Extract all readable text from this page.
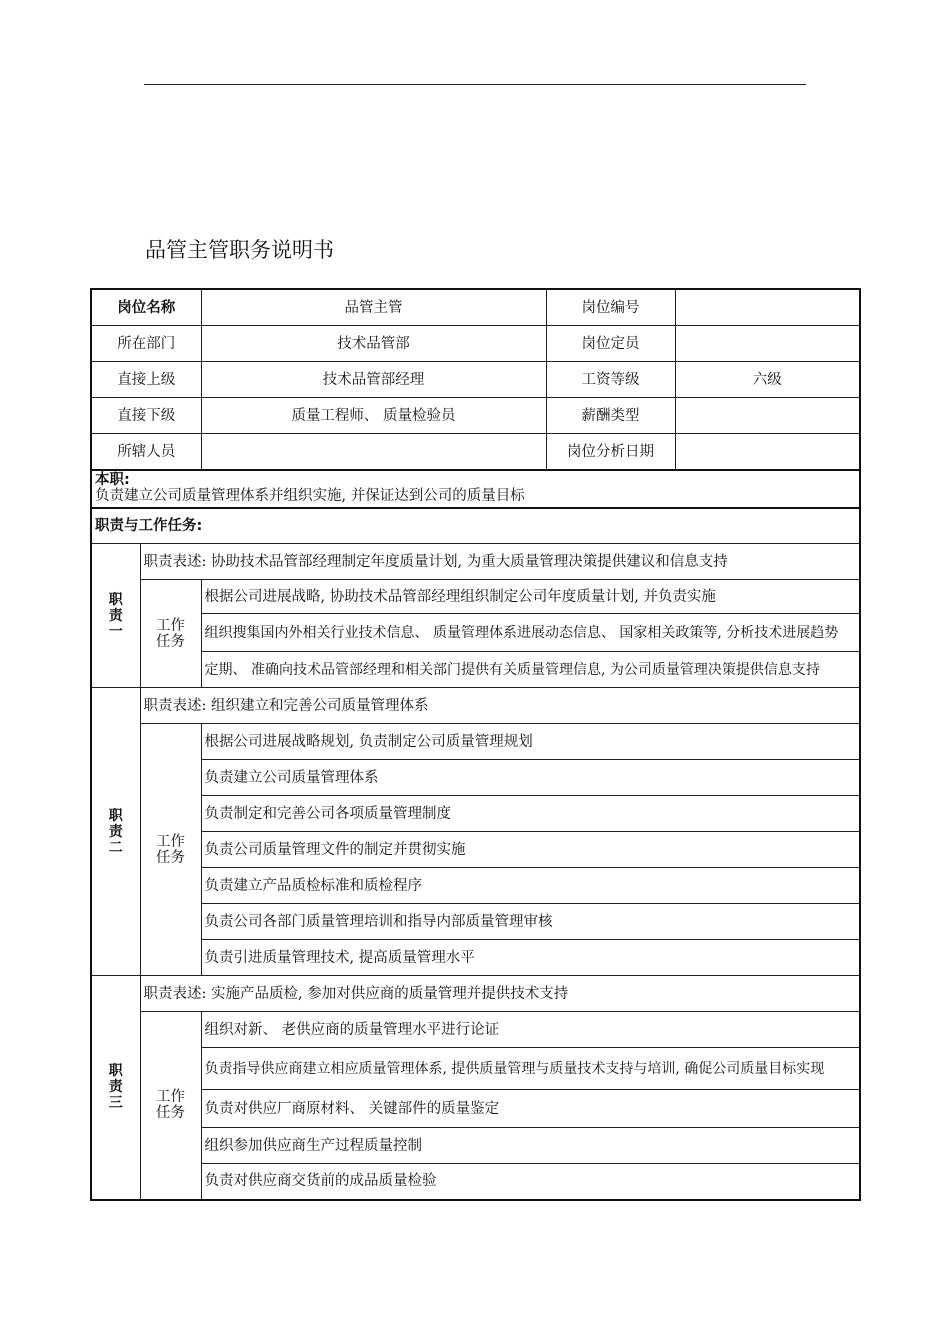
品管主管职务说明书
岗位名称		品管主管	岗位编号	
所在部门		技术品管部	岗位定员	
直接上级		技术品管部经理	工资等级	六级
直接下级		质量工程师、 质量检验员	薪酬类型	
所辖人员			岗位分析日期	

本职:
负责建立公司质量管理体系并组织实施, 并保证达到公司的质量目标				

职责与工作任务:				

职
责
一	职责表述: 协助技术品管部经理制定年度质量计划, 为重大质量管理决策提供建议和信息支持			

	工作
任务	根据公司进展战略, 协助技术品管部经理组织制定公司年度质量计划, 并负责实施		
		组织搜集国内外相关行业技术信息、 质量管理体系进展动态信息、 国家相关政策等, 分析技术进展趋势		
		定期、 准确向技术品管部经理和相关部门提供有关质量管理信息, 为公司质量管理决策提供信息支持		

职
责
二	职责表述: 组织建立和完善公司质量管理体系			

	工作
任务	根据公司进展战略规划, 负责制定公司质量管理规划		
		负责建立公司质量管理体系		
		负责制定和完善公司各项质量管理制度		
		负责公司质量管理文件的制定并贯彻实施		
		负责建立产品质检标准和质检程序		
		负责公司各部门质量管理培训和指导内部质量管理审核		
		负责引进质量管理技术, 提高质量管理水平		

职
责
三	职责表述: 实施产品质检, 参加对供应商的质量管理并提供技术支持			

	工作
任务	组织对新、 老供应商的质量管理水平进行论证		
		负责指导供应商建立相应质量管理体系, 提供质量管理与质量技术支持与培训, 确促公司质量目标实现		
		负责对供应厂商原材料、 关键部件的质量鉴定		
		组织参加供应商生产过程质量控制		
		负责对供应商交货前的成品质量检验		
